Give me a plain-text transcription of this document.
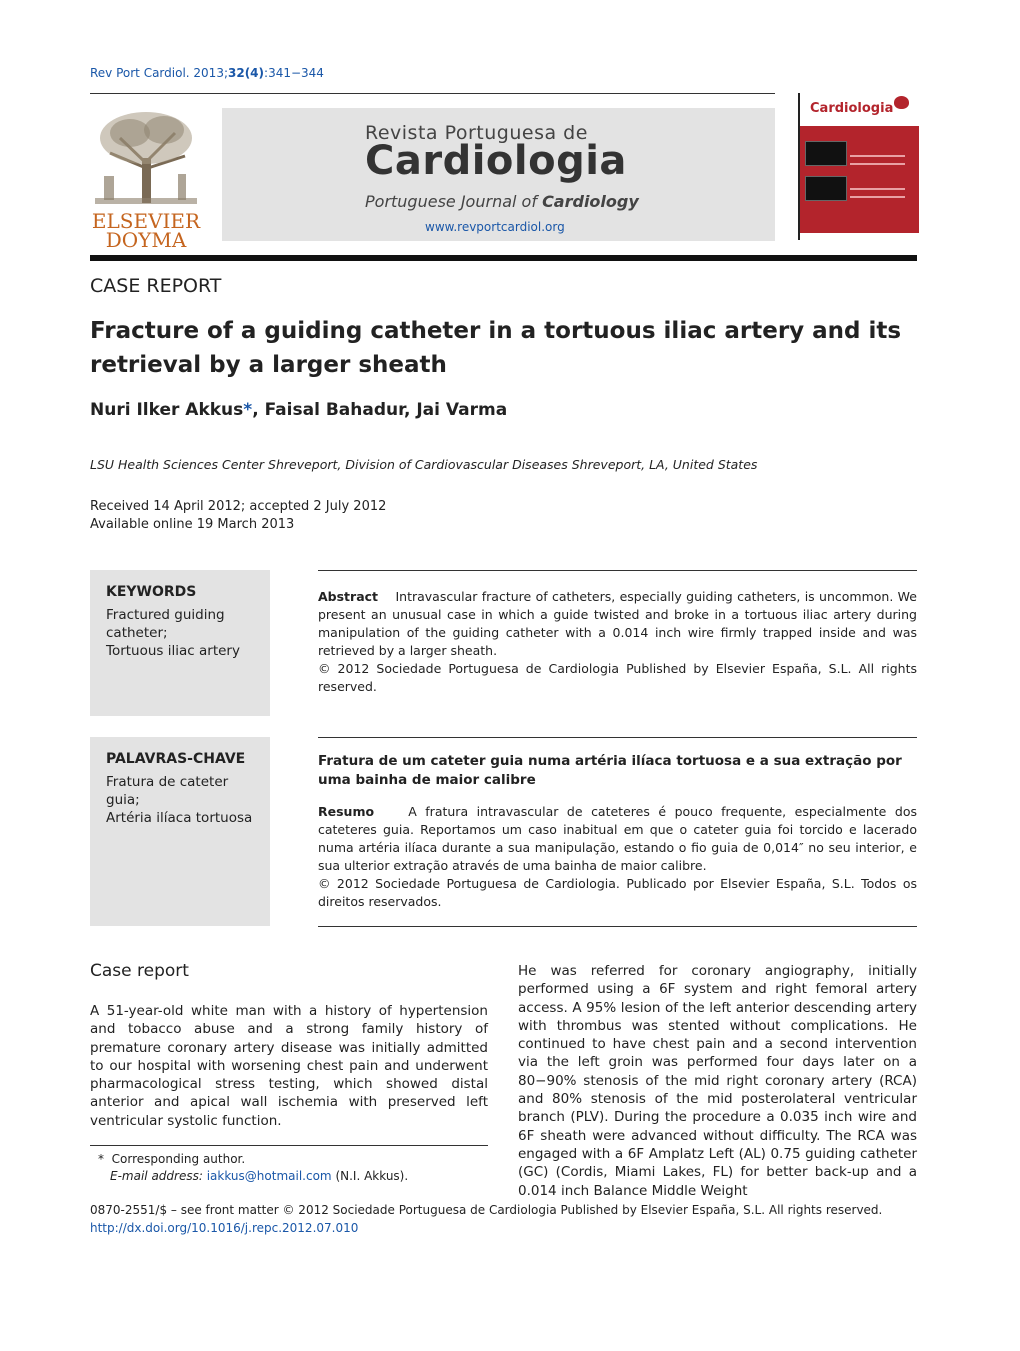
Rev Port Cardiol. 2013;32(4):341−344
ELSEVIER
DOYMA
Revista Portuguesa de
Cardiologia
Portuguese Journal of Cardiology
www.revportcardiol.org
Cardiologia
CASE REPORT
Fracture of a guiding catheter in a tortuous iliac artery and its retrieval by a larger sheath
Nuri Ilker Akkus*, Faisal Bahadur, Jai Varma
LSU Health Sciences Center Shreveport, Division of Cardiovascular Diseases Shreveport, LA, United States
Received 14 April 2012; accepted 2 July 2012
Available online 19 March 2013
KEYWORDS
Fractured guiding catheter;
Tortuous iliac artery
Abstract Intravascular fracture of catheters, especially guiding catheters, is uncommon. We present an unusual case in which a guide twisted and broke in a tortuous iliac artery during manipulation of the guiding catheter with a 0.014 inch wire firmly trapped inside and was retrieved by a larger sheath.
© 2012 Sociedade Portuguesa de Cardiologia Published by Elsevier España, S.L. All rights reserved.
PALAVRAS-CHAVE
Fratura de cateter guia;
Artéria ilíaca tortuosa
Fratura de um cateter guia numa artéria ilíaca tortuosa e a sua extração por uma bainha de maior calibre
Resumo	A fratura intravascular de cateteres é pouco frequente, especialmente dos cateteres guia. Reportamos um caso inabitual em que o cateter guia foi torcido e lacerado numa artéria ilíaca durante a sua manipulação, estando o fio guia de 0,014″ no seu interior, e sua ulterior extração através de uma bainha de maior calibre.
© 2012 Sociedade Portuguesa de Cardiologia. Publicado por Elsevier España, S.L. Todos os direitos reservados.
Case report
A 51-year-old white man with a history of hypertension and tobacco abuse and a strong family history of premature coronary artery disease was initially admitted to our hospital with worsening chest pain and underwent pharmacological stress testing, which showed distal anterior and apical wall ischemia with preserved left ventricular systolic function.
He was referred for coronary angiography, initially performed using a 6F system and right femoral artery access. A 95% lesion of the left anterior descending artery with thrombus was stented without complications. He continued to have chest pain and a second intervention via the left groin was performed four days later on a 80−90% stenosis of the mid right coronary artery (RCA) and 80% stenosis of the mid posterolateral ventricular branch (PLV). During the procedure a 0.035 inch wire and 6F sheath were advanced without difficulty. The RCA was engaged with a 6F Amplatz Left (AL) 0.75 guiding catheter (GC) (Cordis, Miami Lakes, FL) for better back-up and a 0.014 inch Balance Middle Weight
* Corresponding author.
E-mail address: iakkus@hotmail.com (N.I. Akkus).
0870-2551/$ – see front matter © 2012 Sociedade Portuguesa de Cardiologia Published by Elsevier España, S.L. All rights reserved.
http://dx.doi.org/10.1016/j.repc.2012.07.010
